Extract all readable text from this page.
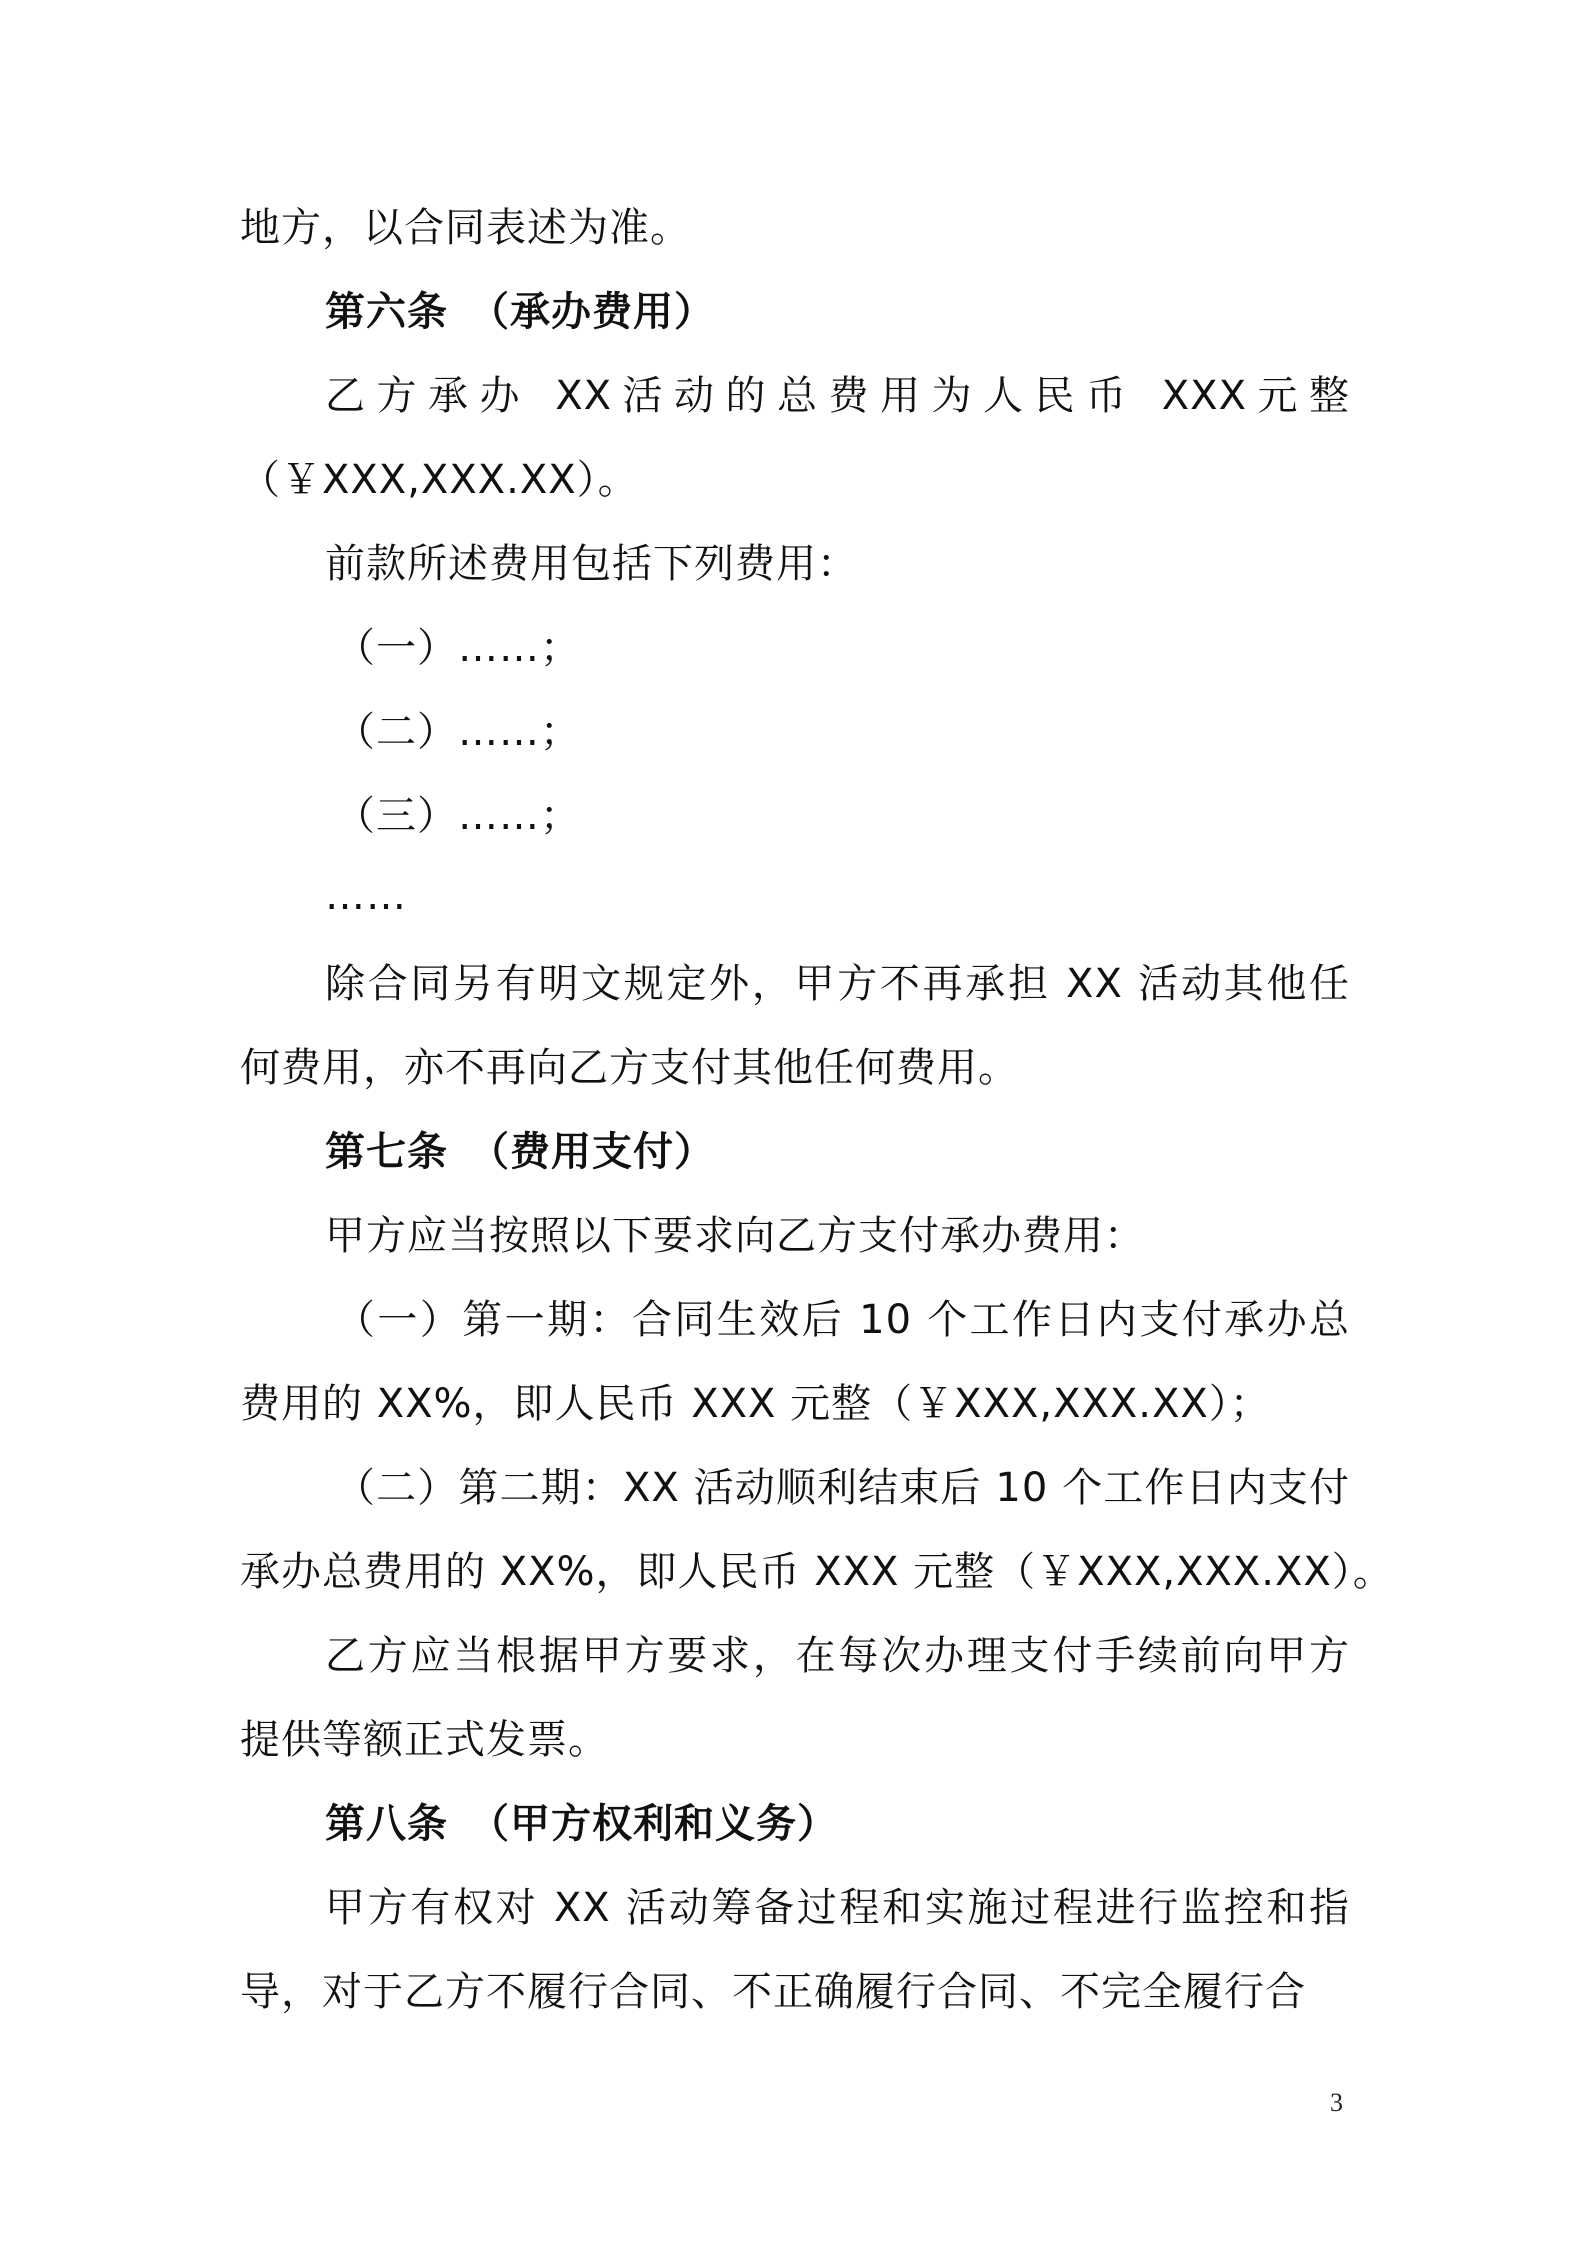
地方，以合同表述为准。
第六条　（承办费用）
乙方承办 XX活动的总费用为人民币 XXX元整
（￥XXX,XXX.XX）。
前款所述费用包括下列费用：
（一）……；
（二）……；
（三）……；
……
除合同另有明文规定外，甲方不再承担 XX 活动其他任
何费用，亦不再向乙方支付其他任何费用。
第七条　（费用支付）
甲方应当按照以下要求向乙方支付承办费用：
（一）第一期：合同生效后 10 个工作日内支付承办总
费用的 XX%，即人民币 XXX 元整（￥XXX,XXX.XX）；
（二）第二期：XX 活动顺利结束后 10 个工作日内支付
承办总费用的 XX%，即人民币 XXX 元整（￥XXX,XXX.XX）。
乙方应当根据甲方要求，在每次办理支付手续前向甲方
提供等额正式发票。
第八条　（甲方权利和义务）
甲方有权对 XX 活动筹备过程和实施过程进行监控和指
导，对于乙方不履行合同、不正确履行合同、不完全履行合
3
